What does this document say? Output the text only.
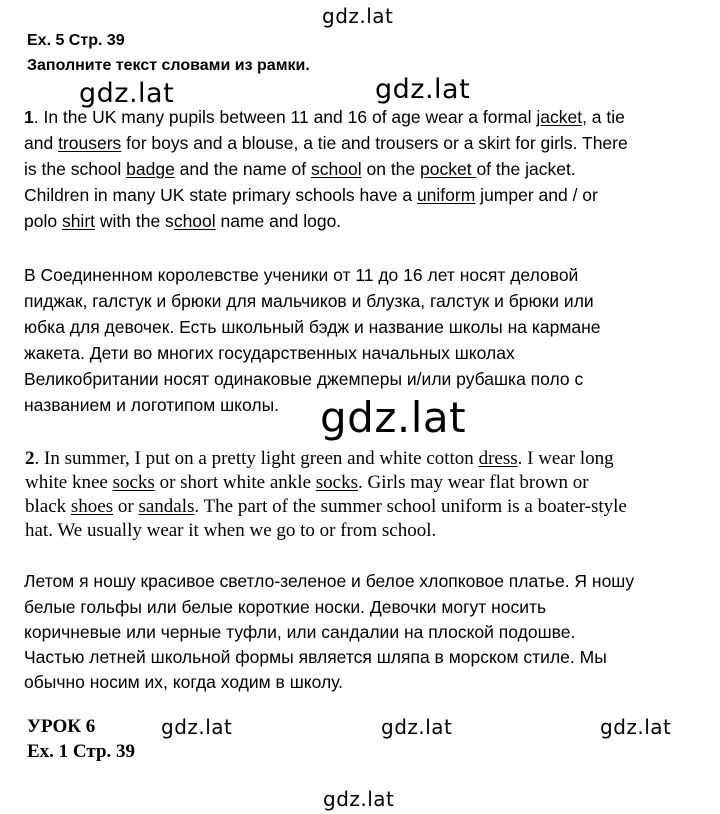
gdz.lat
gdz.lat	gdz.lat
gdz.lat
gdz.lat	gdz.lat	gdz.lat
gdz.lat
Ex. 5 Стр. 39
Заполните текст словами из рамки.
1. In the UK many pupils between 11 and 16 of age wear a formal jacket, a tie
and trousers for boys and a blouse, a tie and trousers or a skirt for girls. There
is the school badge and the name of school on the pocket of the jacket.
Children in many UK state primary schools have a uniform jumper and / or
polo shirt with the school name and logo.
В Соединенном королевстве ученики от 11 до 16 лет носят деловой
пиджак, галстук и брюки для мальчиков и блузка, галстук и брюки или
юбка для девочек. Есть школьный бэдж и название школы на кармане
жакета. Дети во многих государственных начальных школах
Великобритании носят одинаковые джемперы и/или рубашка поло с
названием и логотипом школы.
2. In summer, I put on a pretty light green and white cotton dress. I wear long
white knee socks or short white ankle socks. Girls may wear flat brown or
black shoes or sandals. The part of the summer school uniform is a boater-style
hat. We usually wear it when we go to or from school.
Летом я ношу красивое светло-зеленое и белое хлопковое платье. Я ношу
белые гольфы или белые короткие носки. Девочки могут носить
коричневые или черные туфли, или сандалии на плоской подошве.
Частью летней школьной формы является шляпа в морском стиле. Мы
обычно носим их, когда ходим в школу.
УРОК 6
Ex. 1 Стр. 39
